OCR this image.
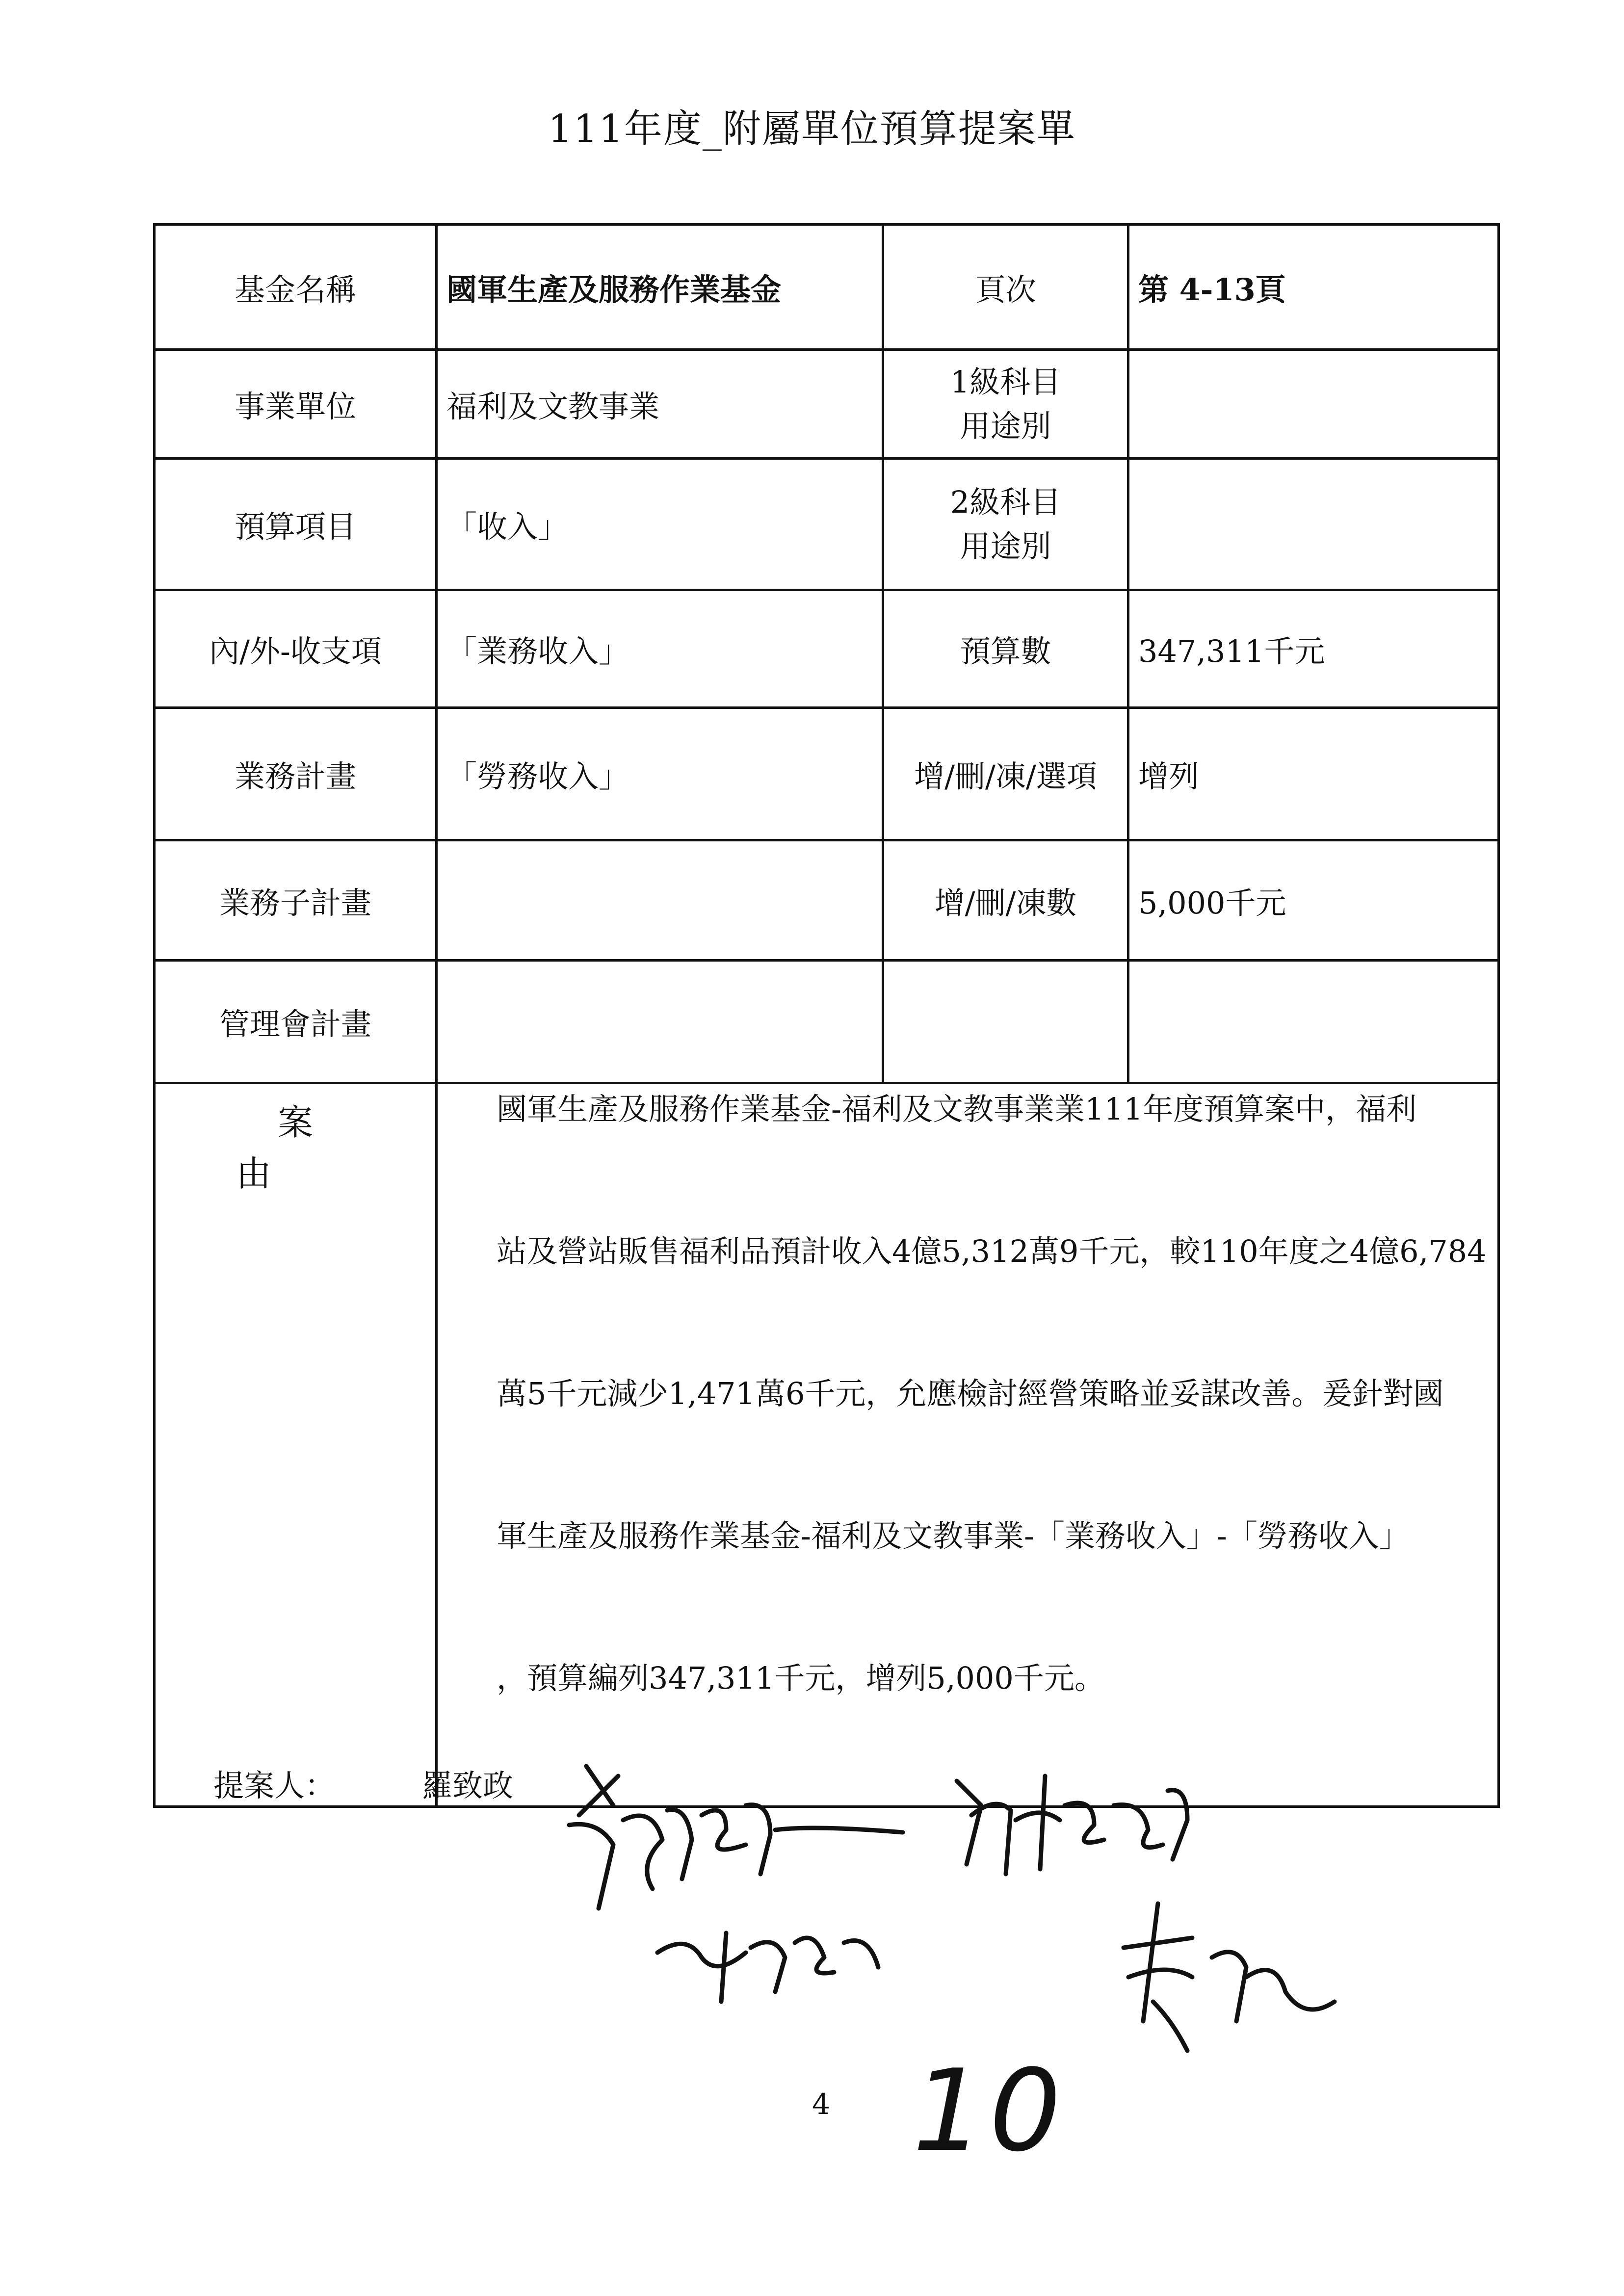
111年度_附屬單位預算提案單
基金名稱	國軍生產及服務作業基金	頁次	第 4-13頁
事業單位	福利及文教事業	1級科目
用途別	

預算項目	「收入」	2級科目
用途別	

內/外-收支項	「業務收入」	預算數	347,311千元
業務計畫	「勞務收入」	增/刪/凍/選項	增列
業務子計畫		增/刪/凍數	5,000千元
管理會計畫			
案由	國軍生產及服務作業基金-福利及文教事業業111年度預算案中，福利
站及營站販售福利品預計收入4億5,312萬9千元，較110年度之4億6,784
萬5千元減少1,471萬6千元，允應檢討經營策略並妥謀改善。爰針對國
軍生產及服務作業基金-福利及文教事業-「業務收入」-「勞務收入」
，預算編列347,311千元，增列5,000千元。		
提案人：	羅致政
4 10
